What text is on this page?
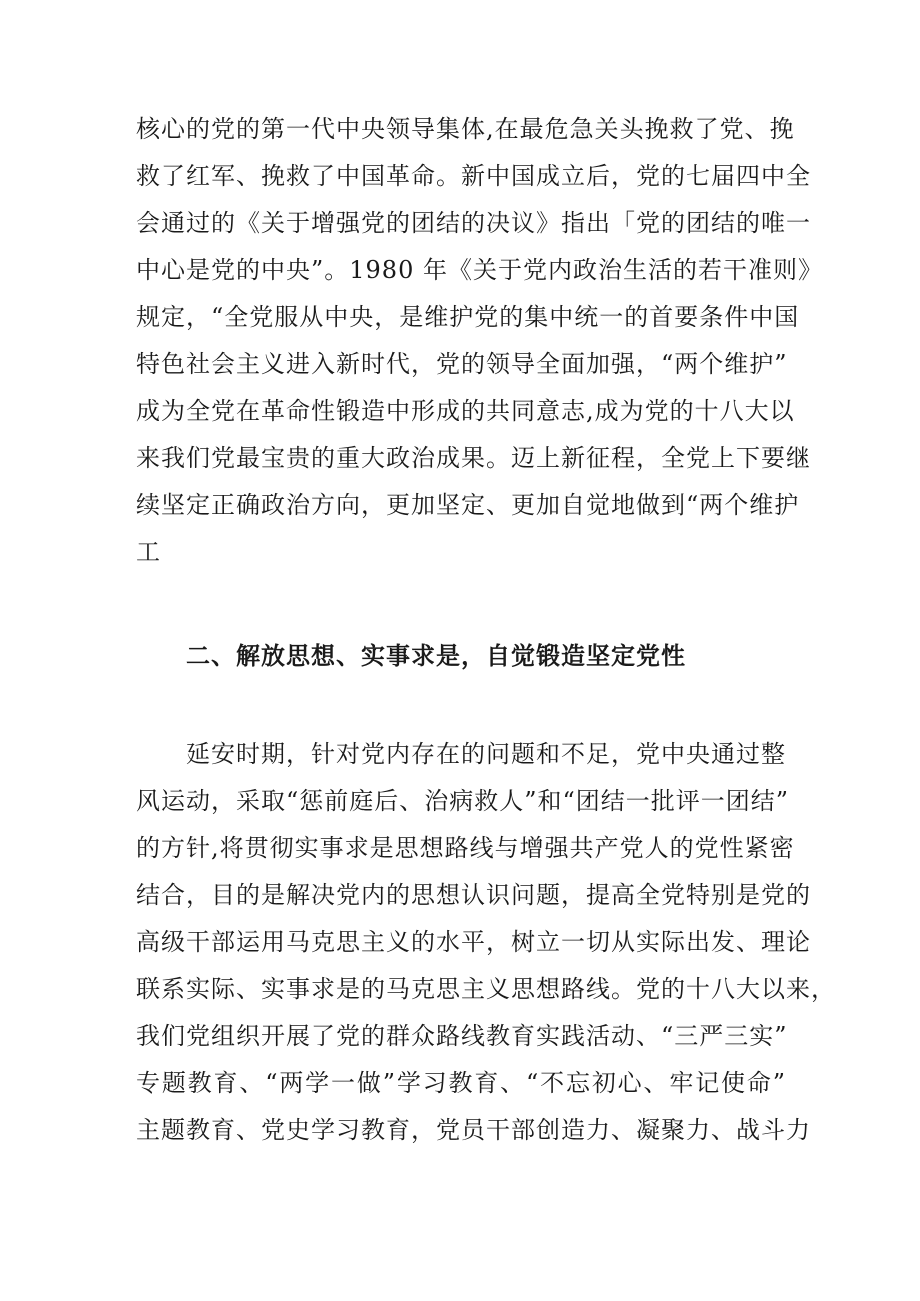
核心的党的第一代中央领导集体,在最危急关头挽救了党、挽
救了红军、挽救了中国革命。新中国成立后，党的七届四中全
会通过的《关于增强党的团结的决议》指出「党的团结的唯一
中心是党的中央”。1980 年《关于党内政治生活的若干准则》
规定，“全党服从中央，是维护党的集中统一的首要条件中国
特色社会主义进入新时代，党的领导全面加强，“两个维护”
成为全党在革命性锻造中形成的共同意志,成为党的十八大以
来我们党最宝贵的重大政治成果。迈上新征程，全党上下要继
续坚定正确政治方向，更加坚定、更加自觉地做到“两个维护
工

二、解放思想、实事求是，自觉锻造坚定党性

延安时期，针对党内存在的问题和不足，党中央通过整
风运动，采取“惩前庭后、治病救人”和“团结一批评一团结”
的方针,将贯彻实事求是思想路线与增强共产党人的党性紧密
结合，目的是解决党内的思想认识问题，提高全党特别是党的
高级干部运用马克思主义的水平，树立一切从实际出发、理论
联系实际、实事求是的马克思主义思想路线。党的十八大以来，
我们党组织开展了党的群众路线教育实践活动、“三严三实”
专题教育、“两学一做”学习教育、“不忘初心、牢记使命”
主题教育、党史学习教育，党员干部创造力、凝聚力、战斗力
